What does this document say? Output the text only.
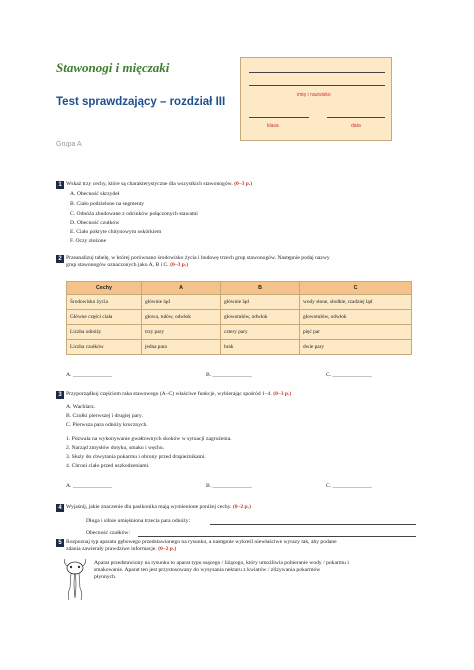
Stawonogi i mięczaki
Test sprawdzający – rozdział III
Grupa A
imię i nazwisko
klasa	data
1 Wskaż trzy cechy, które są charakterystyczne dla wszystkich stawonogów. (0–3 p.)
A. Obecność skrzydeł
B. Ciało podzielone na segmenty
C. Odnóża zbudowane z odcinków połączonych stawami
D. Obecność czułków
E. Ciało pokryte chitynowym oskórkiem
F. Oczy złożone
2 Przeanalizuj tabelę, w której porównano środowisko życia i budowę trzech grup stawonogów. Następnie podaj nazwy
grup stawonogów oznaczonych jako A, B i C. (0–3 p.)
Cechy	A	B	C
Środowisko życia	głównie ląd	głównie ląd	wody słone, słodkie, rzadziej ląd
Główne części ciała	głowa, tułów, odwłok	głowotułów, odwłok	głowotułów, odwłok
Liczba odnóży	trzy pary	cztery pary	pięć par
Liczba czułków	jedna para	brak	dwie pary
A. ______________	B. ______________	C. ______________
3 Przyporządkuj częściom raka stawowego (A–C) właściwe funkcje, wybierając spośród 1–4. (0–3 p.)
A. Wachlarz.
B. Czułki pierwszej i drugiej pary.
C. Pierwsza para odnóży krocznych.
1. Pozwala na wykonywanie gwałtownych skoków w sytuacji zagrożenia.
2. Narząd zmysłów dotyku, smaku i węchu.
3. Służy do chwytania pokarmu i obrony przed drapieżnikami.
4. Chroni ciało przed uszkodzeniami.
A. ______________	B. ______________	C. ______________
4 Wyjaśnij, jakie znaczenie dla pasikonika mają wymienione poniżej cechy. (0–2 p.)
Długa i silnie umięśniona trzecia para odnóży:
Obecność czułków:
5 Rozpoznaj typ aparatu gębowego przedstawionego na rysunku, a następnie wykreśl niewłaściwe wyrazy tak, aby podane
zdania zawierały prawdziwe informacje. (0–2 p.)
Aparat przedstawiony na rysunku to aparat typu ssącego / liżącego, który umożliwia pobieranie wody / pokarmu i
smakowanie. Aparat ten jest przystosowany do wysysania nektaru z kwiatów / zlizywania pokarmów
płynnych.
